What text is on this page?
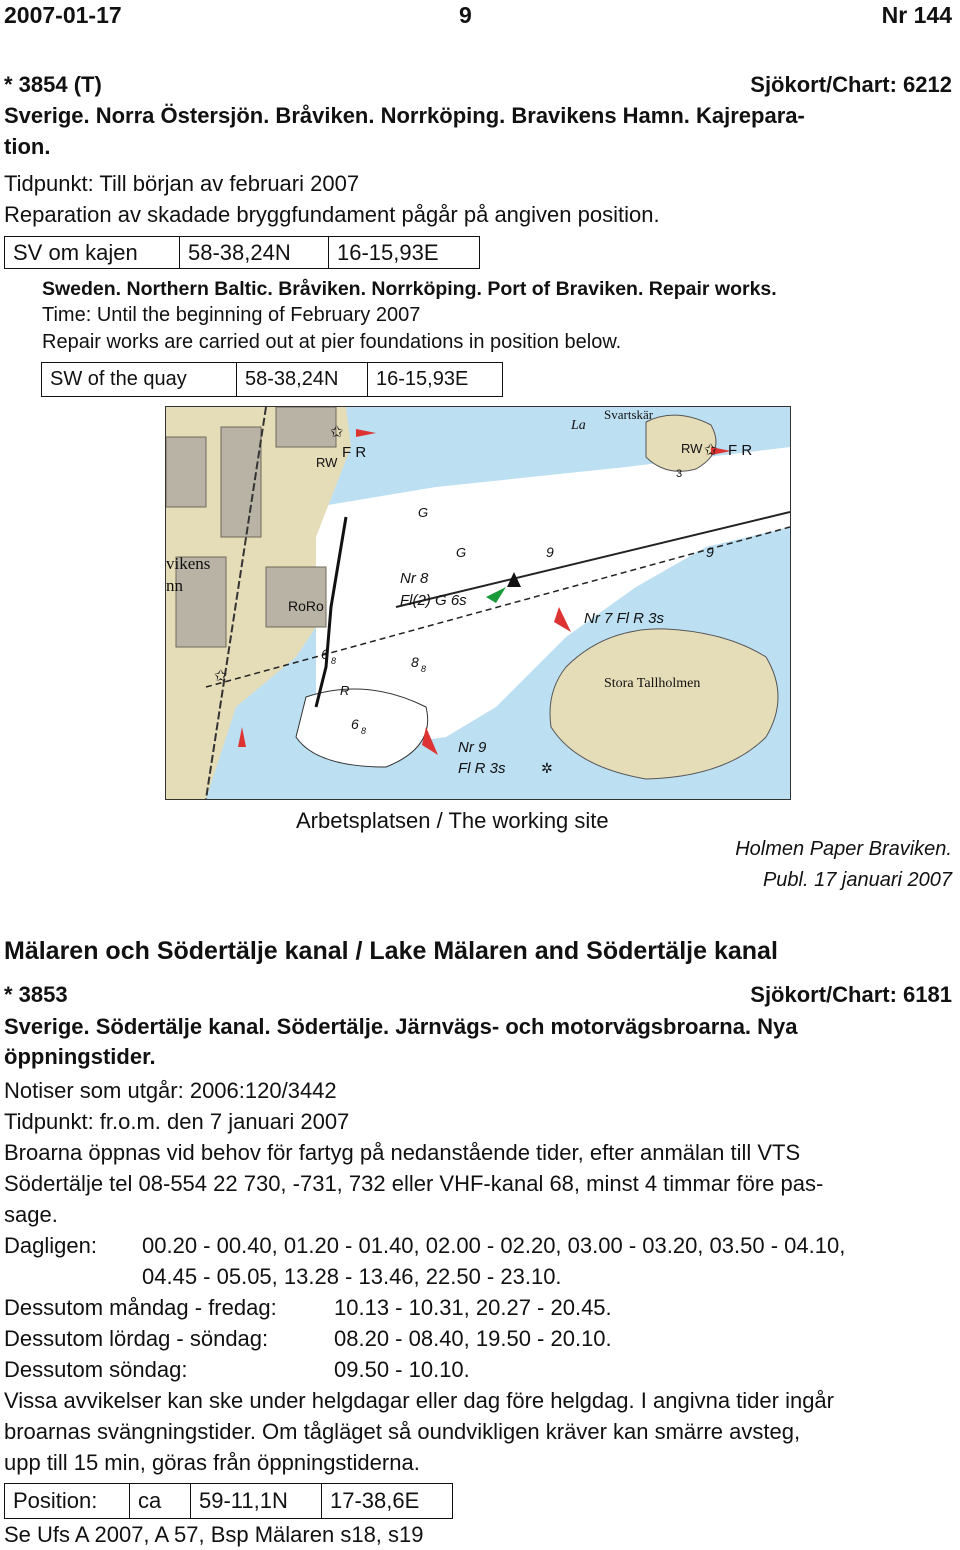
2007-01-17	9	Nr 144
* 3854 (T)	Sjökort/Chart: 6212
Sverige. Norra Östersjön. Bråviken. Norrköping. Bravikens Hamn. Kajrepara-
tion.
Tidpunkt: Till början av februari 2007
Reparation av skadade bryggfundament pågår på angiven position.
SV om kajen	58-38,24N	16-15,93E
Sweden. Northern Baltic. Bråviken. Norrköping. Port of Braviken. Repair works.
Time: Until the beginning of February 2007
Repair works are carried out at pier foundations in position below.
SW of the quay	58-38,24N	16-15,93E
Svartskär
La
RW F R
RW
F R
G
G	9	9
vikens
nn
RoRo
Nr 8
Fl(2) G 6s
Nr 7 Fl R 3s
6 8	8 8
R
6 8
Stora Tallholmen
Nr 9
Fl R 3s
3
✩
✩
✩
✲
Arbetsplatsen / The working site
Holmen Paper Braviken.
Publ. 17 januari 2007
Mälaren och Södertälje kanal / Lake Mälaren and Södertälje kanal
* 3853	Sjökort/Chart: 6181
Sverige. Södertälje kanal. Södertälje. Järnvägs- och motorvägsbroarna. Nya
öppningstider.
Notiser som utgår: 2006:120/3442
Tidpunkt: fr.o.m. den 7 januari 2007
Broarna öppnas vid behov för fartyg på nedanstående tider, efter anmälan till VTS
Södertälje tel 08-554 22 730, -731, 732 eller VHF-kanal 68, minst 4 timmar före pas-
sage.
Dagligen: 00.20 - 00.40, 01.20 - 01.40, 02.00 - 02.20, 03.00 - 03.20, 03.50 - 04.10,
04.45 - 05.05, 13.28 - 13.46, 22.50 - 23.10.
Dessutom måndag - fredag:	10.13 - 10.31, 20.27 - 20.45.
Dessutom lördag - söndag:	08.20 - 08.40, 19.50 - 20.10.
Dessutom söndag:	09.50 - 10.10.
Vissa avvikelser kan ske under helgdagar eller dag före helgdag. I angivna tider ingår
broarnas svängningstider. Om tågläget så oundvikligen kräver kan smärre avsteg,
upp till 15 min, göras från öppningstiderna.
Position:	ca	59-11,1N	17-38,6E
Se Ufs A 2007, A 57, Bsp Mälaren s18, s19
